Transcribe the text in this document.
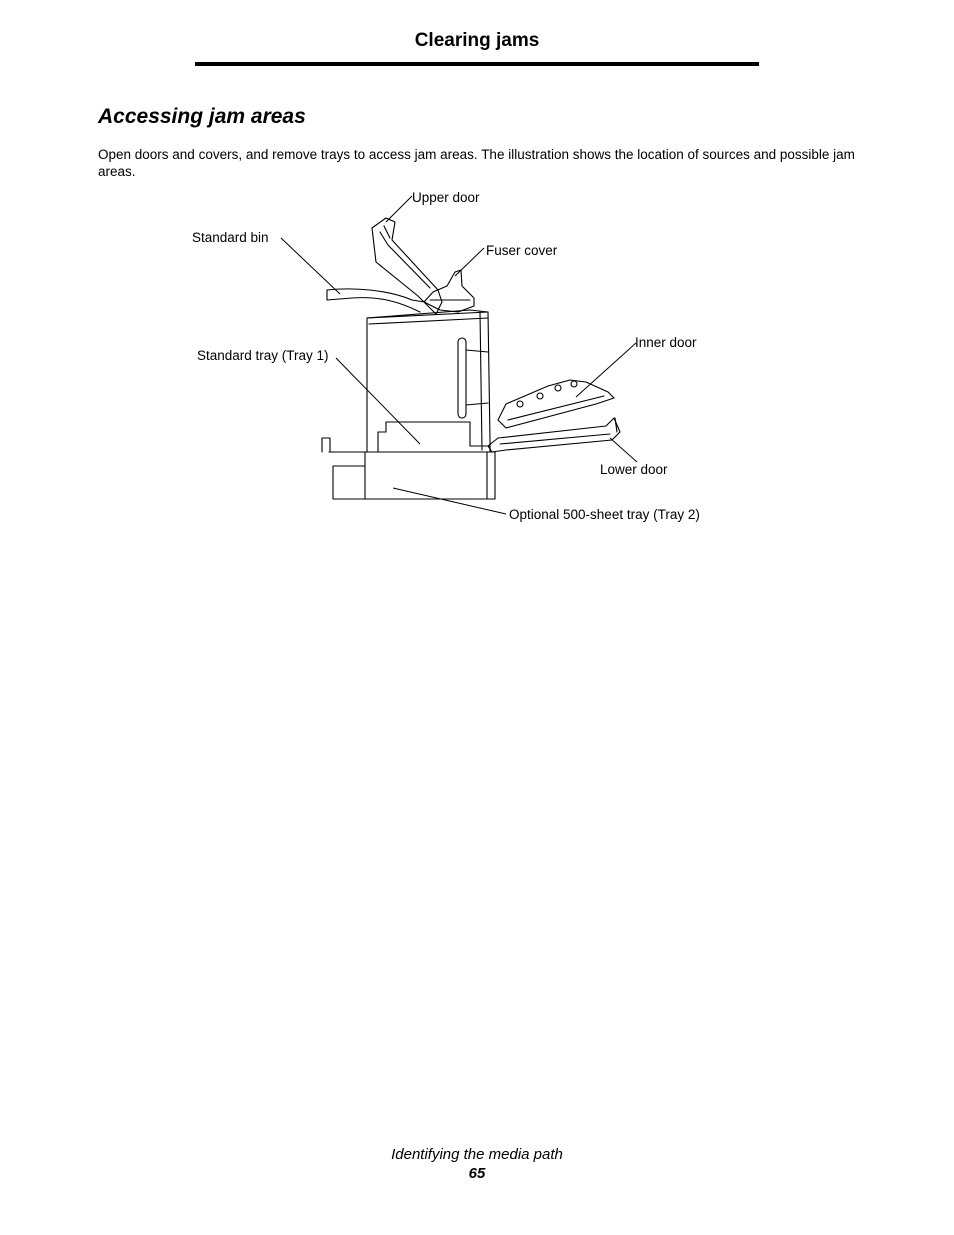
Clearing jams
Accessing jam areas
Open doors and covers, and remove trays to access jam areas. The illustration shows the location of sources and possible jam areas.
Upper door
Standard bin
Fuser cover
Inner door
Standard tray (Tray 1)
Lower door
Optional 500-sheet tray (Tray 2)
Identifying the media path
65
